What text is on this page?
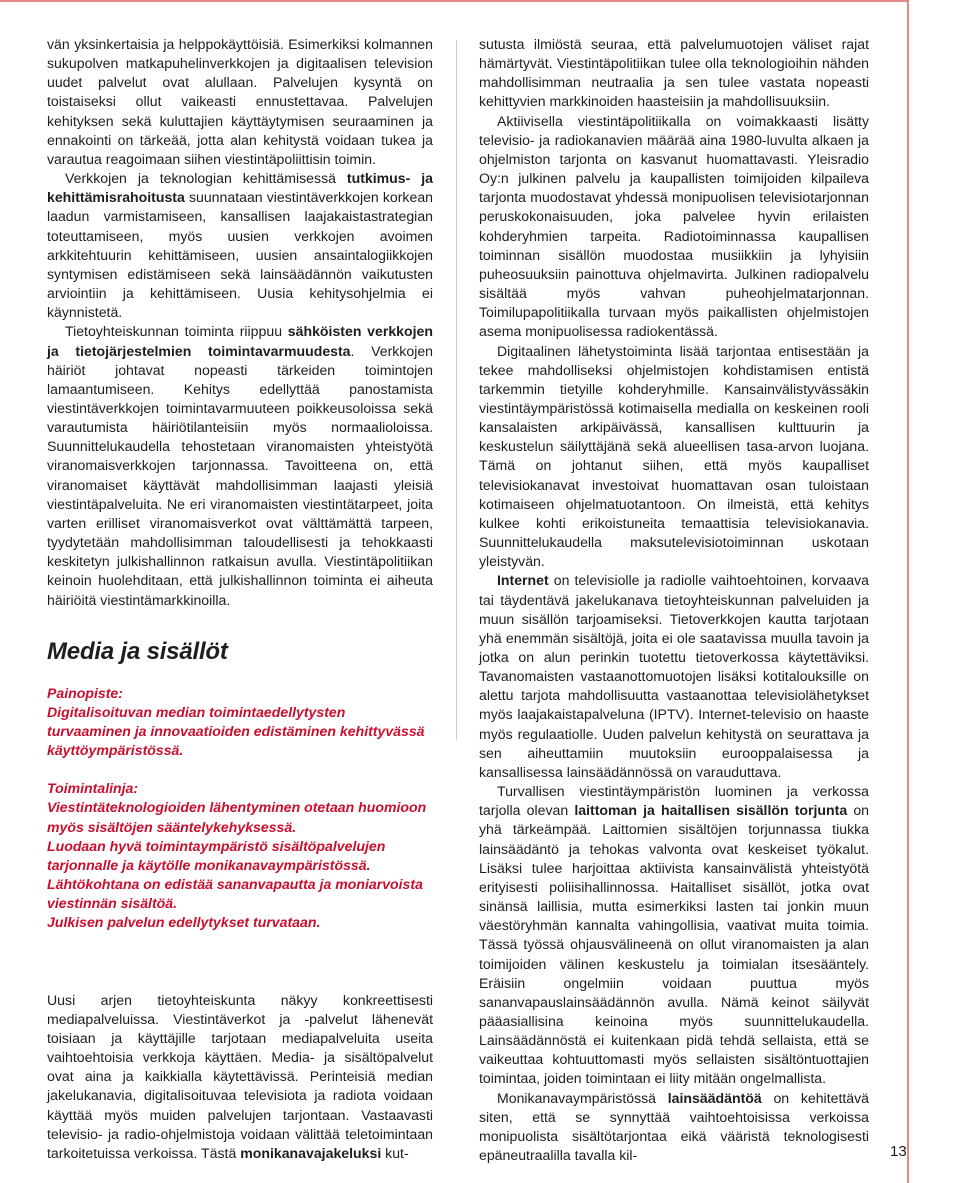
vän yksinkertaisia ja helppokäyttöisiä. Esimerkiksi kolmannen sukupolven matkapuhelinverkkojen ja digitaalisen television uudet palvelut ovat alullaan. Palvelujen kysyntä on toistaiseksi ollut vaikeasti ennustettavaa. Palvelujen kehityksen sekä kuluttajien käyttäytymisen seuraaminen ja ennakointi on tärkeää, jotta alan kehitystä voidaan tukea ja varautua reagoimaan siihen viestintäpoliittisin toimin.

Verkkojen ja teknologian kehittämisessä tutkimus- ja kehittämisrahoitusta suunnataan viestintäverkkojen korkean laadun varmistamiseen, kansallisen laajakaistastrategian toteuttamiseen, myös uusien verkkojen avoimen arkkitehtuurin kehittämiseen, uusien ansaintalogiikkojen syntymisen edistämiseen sekä lainsäädännön vaikutusten arviointiin ja kehittämiseen. Uusia kehitysohjelmia ei käynnistetä.

Tietoyhteiskunnan toiminta riippuu sähköisten verkkojen ja tietojärjestelmien toimintavarmuudesta. Verkkojen häiriöt johtavat nopeasti tärkeiden toimintojen lamaantumiseen. Kehitys edellyttää panostamista viestintäverkkojen toimintavarmuuteen poikkeusoloissa sekä varautumista häiriötilanteisiin myös normaalioloissa. Suunnittelukaudella tehostetaan viranomaisten yhteistyötä viranomaisverkkojen tarjonnassa. Tavoitteena on, että viranomaiset käyttävät mahdollisimman laajasti yleisiä viestintäpalveluita. Ne eri viranomaisten viestintätarpeet, joita varten erilliset viranomaisverkot ovat välttämättä tarpeen, tyydytetään mahdollisimman taloudellisesti ja tehokkaasti keskitetyn julkishallinnon ratkaisun avulla. Viestintäpolitiikan keinoin huolehditaan, että julkishallinnon toiminta ei aiheuta häiriöitä viestintämarkkinoilla.

Media ja sisällöt
Painopiste:
Digitalisoituvan median toimintaedellytysten turvaaminen ja innovaatioiden edistäminen kehittyvässä käyttöympäristössä.
Toimintalinja:
Viestintäteknologioiden lähentyminen otetaan huomioon myös sisältöjen sääntelykehyksessä.
Luodaan hyvä toimintaympäristö sisältöpalvelujen tarjonnalle ja käytölle monikanavaympäristössä.
Lähtökohtana on edistää sananvapautta ja moniarvoista viestinnän sisältöä.
Julkisen palvelun edellytykset turvataan.

Uusi arjen tietoyhteiskunta näkyy konkreettisesti mediapalveluissa. Viestintäverkot ja -palvelut lähenevät toisiaan ja käyttäjille tarjotaan mediapalveluita useita vaihtoehtoisia verkkoja käyttäen. Media- ja sisältöpalvelut ovat aina ja kaikkialla käytettävissä. Perinteisiä median jakelukanavia, digitalisoituvaa televisiota ja radiota voidaan käyttää myös muiden palvelujen tarjontaan. Vastaavasti televisio- ja radio-ohjelmistoja voidaan välittää teletoimintaan tarkoitetuissa verkoissa. Tästä monikanavajakeluksi kut-

sutusta ilmiöstä seuraa, että palvelumuotojen väliset rajat hämärtyvät. Viestintäpolitiikan tulee olla teknologioihin nähden mahdollisimman neutraalia ja sen tulee vastata nopeasti kehittyvien markkinoiden haasteisiin ja mahdollisuuksiin.

Aktiivisella viestintäpolitiikalla on voimakkaasti lisätty televisio- ja radiokanavien määrää aina 1980-luvulta alkaen ja ohjelmiston tarjonta on kasvanut huomattavasti. Yleisradio Oy:n julkinen palvelu ja kaupallisten toimijoiden kilpaileva tarjonta muodostavat yhdessä monipuolisen televisiotarjonnan peruskokonaisuuden, joka palvelee hyvin erilaisten kohderyhmien tarpeita. Radiotoiminnassa kaupallisen toiminnan sisällön muodostaa musiikkiin ja lyhyisiin puheosuuksiin painottuva ohjelmavirta. Julkinen radiopalvelu sisältää myös vahvan puheohjelmatarjonnan. Toimilupapolitiikalla turvaan myös paikallisten ohjelmistojen asema monipuolisessa radiokentässä.

Digitaalinen lähetystoiminta lisää tarjontaa entisestään ja tekee mahdolliseksi ohjelmistojen kohdistamisen entistä tarkemmin tietyille kohderyhmille. Kansainvälistyvässäkin viestintäympäristössä kotimaisella medialla on keskeinen rooli kansalaisten arkipäivässä, kansallisen kulttuurin ja keskustelun säilyttäjänä sekä alueellisen tasa-arvon luojana. Tämä on johtanut siihen, että myös kaupalliset televisiokanavat investoivat huomattavan osan tuloistaan kotimaiseen ohjelmatuotantoon. On ilmeistä, että kehitys kulkee kohti erikoistuneita temaattisia televisiokanavia. Suunnittelukaudella maksutelevisiotoiminnan uskotaan yleistyvän.

Internet on televisiolle ja radiolle vaihtoehtoinen, korvaava tai täydentävä jakelukanava tietoyhteiskunnan palveluiden ja muun sisällön tarjoamiseksi. Tietoverkkojen kautta tarjotaan yhä enemmän sisältöjä, joita ei ole saatavissa muulla tavoin ja jotka on alun perinkin tuotettu tietoverkossa käytettäviksi. Tavanomaisten vastaanottomuotojen lisäksi kotitalouksille on alettu tarjota mahdollisuutta vastaanottaa televisiolähetykset myös laajakaistapalveluna (IPTV). Internet-televisio on haaste myös regulaatiolle. Uuden palvelun kehitystä on seurattava ja sen aiheuttamiin muutoksiin eurooppalaisessa ja kansallisessa lainsäädännössä on varauduttava.

Turvallisen viestintäympäristön luominen ja verkossa tarjolla olevan laittoman ja haitallisen sisällön torjunta on yhä tärkeämpää. Laittomien sisältöjen torjunnassa tiukka lainsäädäntö ja tehokas valvonta ovat keskeiset työkalut. Lisäksi tulee harjoittaa aktiivista kansainvälistä yhteistyötä erityisesti poliisihallinnossa. Haitalliset sisällöt, jotka ovat sinänsä laillisia, mutta esimerkiksi lasten tai jonkin muun väestöryhmän kannalta vahingollisia, vaativat muita toimia. Tässä työssä ohjausvälineenä on ollut viranomaisten ja alan toimijoiden välinen keskustelu ja toimialan itsesääntely. Eräisiin ongelmiin voidaan puuttua myös sananvapauslainsäädännön avulla. Nämä keinot säilyvät pääasiallisina keinoina myös suunnittelukaudella. Lainsäädännöstä ei kuitenkaan pidä tehdä sellaista, että se vaikeuttaa kohtuuttomasti myös sellaisten sisältöntuottajien toimintaa, joiden toimintaan ei liity mitään ongelmallista.

Monikanavaympäristössä lainsäädäntöä on kehitettävä siten, että se synnyttää vaihtoehtoisissa verkoissa monipuolista sisältötarjontaa eikä vääristä teknologisesti epäneutraalilla tavalla kil-	13
